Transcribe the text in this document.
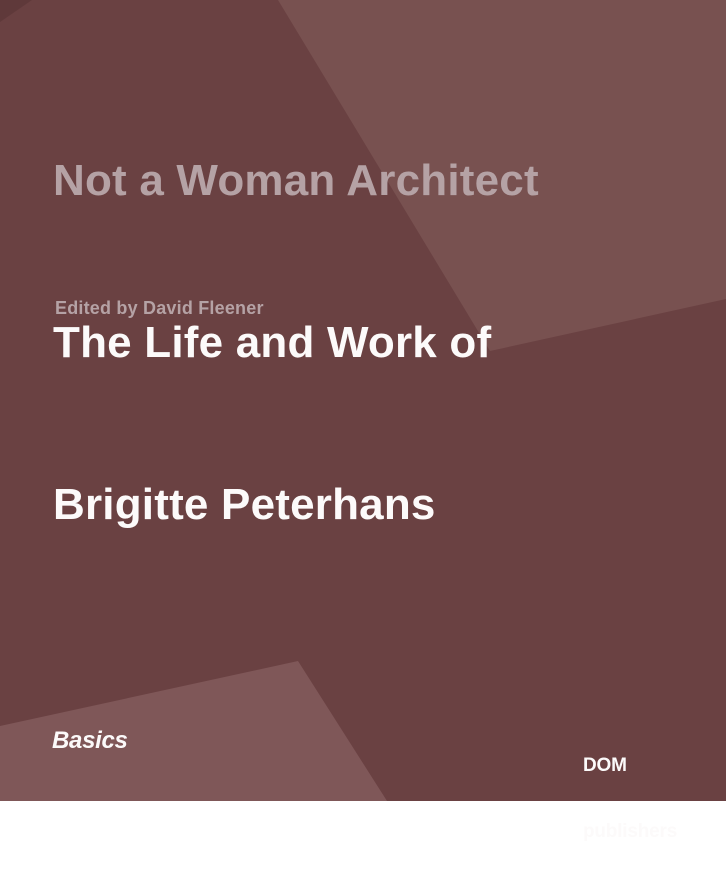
Not a Woman Architect

The Life and Work of

Brigitte Peterhans

Edited by David Fleener
Basics

DOM

publishers
